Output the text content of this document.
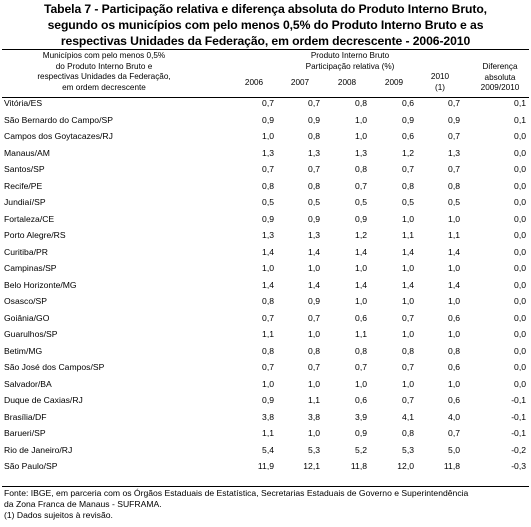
Tabela 7 - Participação relativa e diferença absoluta do Produto Interno Bruto,
segundo os municípios com pelo menos 0,5% do Produto Interno Bruto e as
respectivas Unidades da Federação, em ordem decrescente - 2006-2010
Municípios com pelo menos 0,5%
do Produto Interno Bruto e
respectivas Unidades da Federação,
em ordem decrescente
Produto Interno Bruto
Participação relativa (%)
2006	2007	2008	2009
2010
(1)
Diferença
absoluta
2009/2010
Vitória/ES	0,7	0,7	0,8	0,6	0,7	0,1
São Bernardo do Campo/SP	0,9	0,9	1,0	0,9	0,9	0,1
Campos dos Goytacazes/RJ	1,0	0,8	1,0	0,6	0,7	0,0
Manaus/AM	1,3	1,3	1,3	1,2	1,3	0,0
Santos/SP	0,7	0,7	0,8	0,7	0,7	0,0
Recife/PE	0,8	0,8	0,7	0,8	0,8	0,0
Jundiaí/SP	0,5	0,5	0,5	0,5	0,5	0,0
Fortaleza/CE	0,9	0,9	0,9	1,0	1,0	0,0
Porto Alegre/RS	1,3	1,3	1,2	1,1	1,1	0,0
Curitiba/PR	1,4	1,4	1,4	1,4	1,4	0,0
Campinas/SP	1,0	1,0	1,0	1,0	1,0	0,0
Belo Horizonte/MG	1,4	1,4	1,4	1,4	1,4	0,0
Osasco/SP	0,8	0,9	1,0	1,0	1,0	0,0
Goiânia/GO	0,7	0,7	0,6	0,7	0,6	0,0
Guarulhos/SP	1,1	1,0	1,1	1,0	1,0	0,0
Betim/MG	0,8	0,8	0,8	0,8	0,8	0,0
São José dos Campos/SP	0,7	0,7	0,7	0,7	0,6	0,0
Salvador/BA	1,0	1,0	1,0	1,0	1,0	0,0
Duque de Caxias/RJ	0,9	1,1	0,6	0,7	0,6	-0,1
Brasília/DF	3,8	3,8	3,9	4,1	4,0	-0,1
Barueri/SP	1,1	1,0	0,9	0,8	0,7	-0,1
Rio de Janeiro/RJ	5,4	5,3	5,2	5,3	5,0	-0,2
São Paulo/SP	11,9	12,1	11,8	12,0	11,8	-0,3
Fonte: IBGE, em parceria com os Órgãos Estaduais de Estatística, Secretarias Estaduais de Governo e Superintendência
da Zona Franca de Manaus - SUFRAMA.
(1) Dados sujeitos à revisão.
